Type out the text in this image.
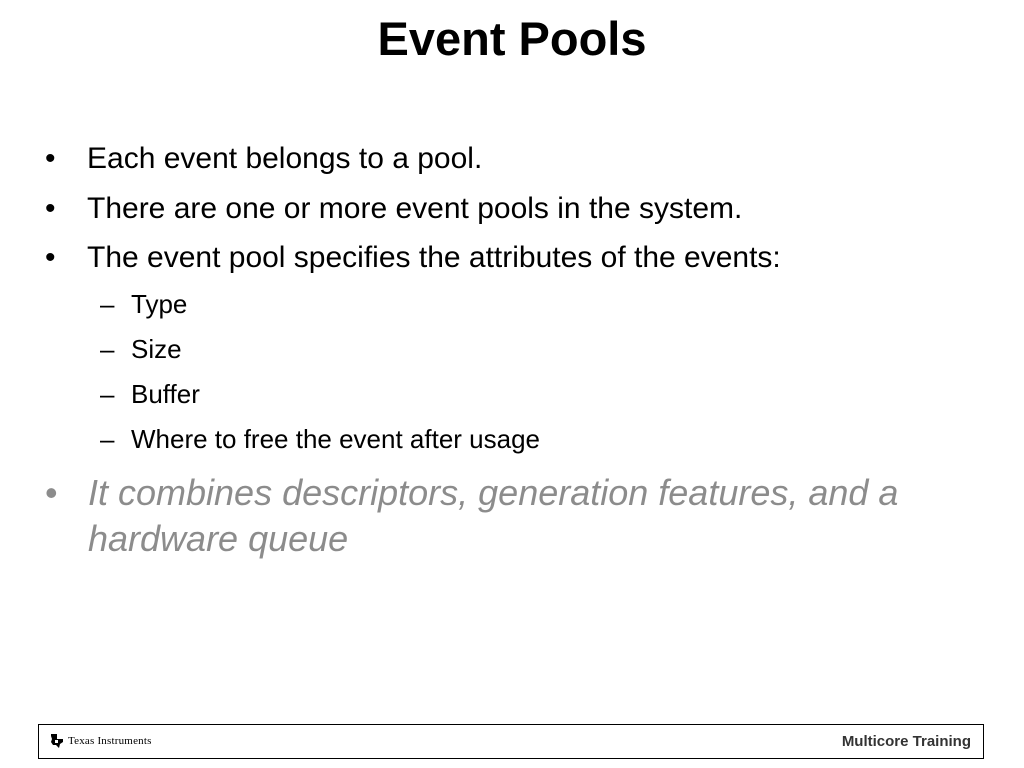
Event Pools
• Each event belongs to a pool.
• There are one or more event pools in the system.
• The event pool specifies the attributes of the events:
– Type
– Size
– Buffer
– Where to free the event after usage
• It combines descriptors, generation features, and a hardware queue
Texas Instruments	Multicore Training
